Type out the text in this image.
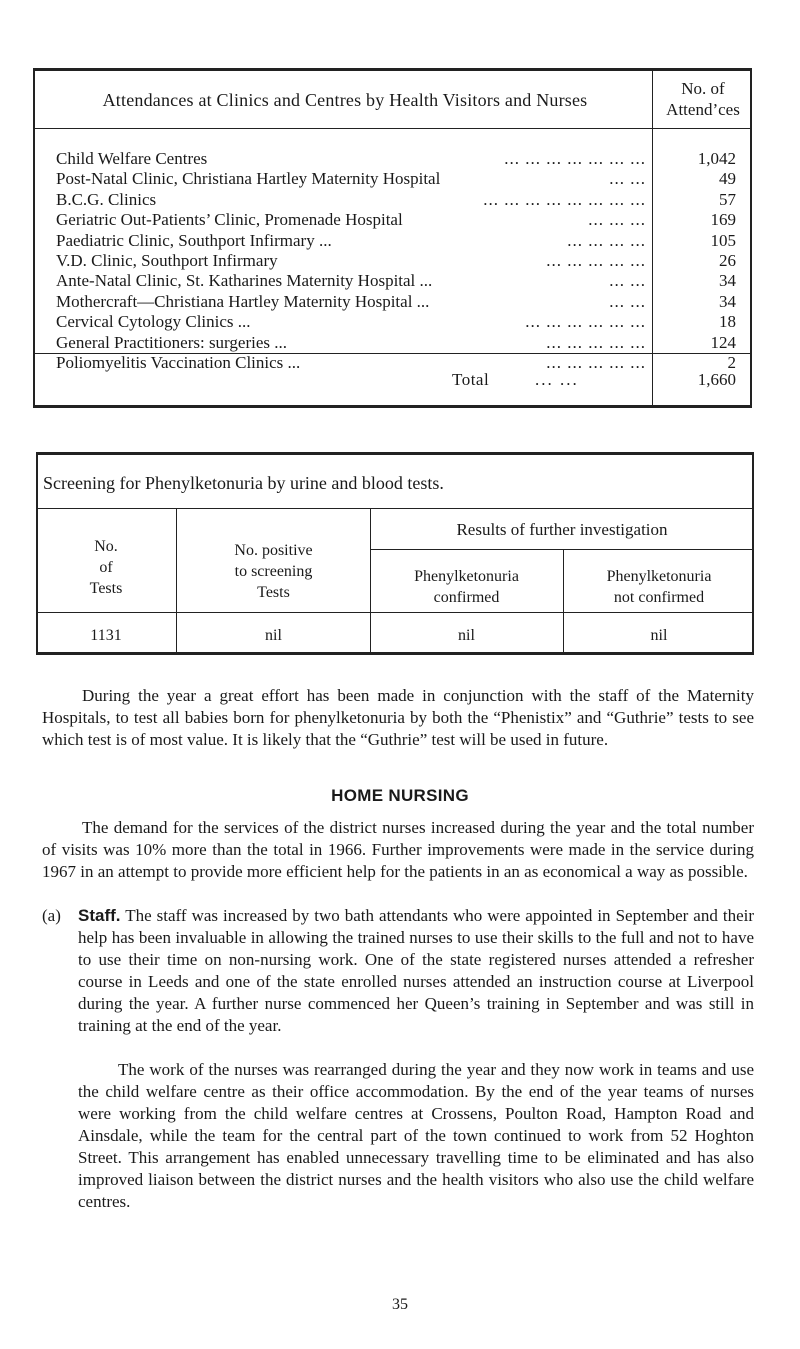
Attendances at Clinics and Centres by Health Visitors and Nurses
No. of
Attend’ces
Child Welfare Centres	... ... ... ... ... ... ...	1,042
Post-Natal Clinic, Christiana Hartley Maternity Hospital	... ...	49
B.C.G. Clinics	... ... ... ... ... ... ... ...	57
Geriatric Out-Patients’ Clinic, Promenade Hospital	... ... ...	169
Paediatric Clinic, Southport Infirmary ...	... ... ... ...	105
V.D. Clinic, Southport Infirmary	... ... ... ... ...	26
Ante-Natal Clinic, St. Katharines Maternity Hospital ...	... ...	34
Mothercraft—Christiana Hartley Maternity Hospital ...	... ...	34
Cervical Cytology Clinics ...	... ... ... ... ... ...	18
General Practitioners: surgeries ...	... ... ... ... ...	124
Poliomyelitis Vaccination Clinics ...	... ... ... ... ...	2
Total	... ...	1,660
Screening for Phenylketonuria by urine and blood tests.
No.
of
Tests
No. positive
to screening
Tests
Results of further investigation
Phenylketonuria
confirmed
Phenylketonuria
not confirmed
1131	nil	nil	nil
During the year a great effort has been made in conjunction with the staff of the Maternity Hospitals, to test all babies born for phenylketonuria by both the “Phenistix” and “Guthrie” tests to see which test is of most value. It is likely that the “Guthrie” test will be used in future.
HOME NURSING
The demand for the services of the district nurses increased during the year and the total number of visits was 10% more than the total in 1966. Further improvements were made in the service during 1967 in an attempt to provide more efficient help for the patients in an as economical a way as possible.
(a) Staff. The staff was increased by two bath attendants who were appointed in September and their help has been invaluable in allowing the trained nurses to use their skills to the full and not to have to use their time on non-nursing work. One of the state registered nurses attended a refresher course in Leeds and one of the state enrolled nurses attended an instruction course at Liverpool during the year. A further nurse commenced her Queen’s training in September and was still in training at the end of the year.
The work of the nurses was rearranged during the year and they now work in teams and use the child welfare centre as their office accommodation. By the end of the year teams of nurses were working from the child welfare centres at Crossens, Poulton Road, Hampton Road and Ainsdale, while the team for the central part of the town continued to work from 52 Hoghton Street. This arrangement has enabled unnecessary travelling time to be eliminated and has also improved liaison between the district nurses and the health visitors who also use the child welfare centres.
35
